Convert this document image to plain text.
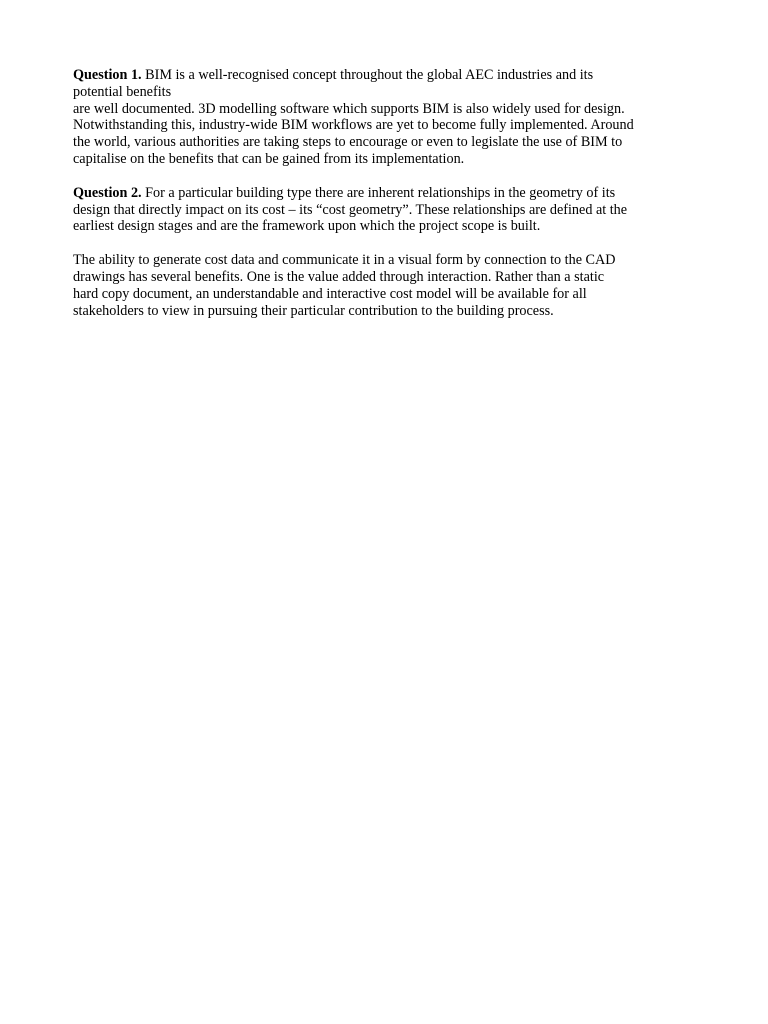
Question 1. BIM is a well-recognised concept throughout the global AEC industries and its
potential benefits
are well documented. 3D modelling software which supports BIM is also widely used for design.
Notwithstanding this, industry-wide BIM workflows are yet to become fully implemented. Around
the world, various authorities are taking steps to encourage or even to legislate the use of BIM to
capitalise on the benefits that can be gained from its implementation.

Question 2. For a particular building type there are inherent relationships in the geometry of its
design that directly impact on its cost – its “cost geometry”. These relationships are defined at the
earliest design stages and are the framework upon which the project scope is built.

The ability to generate cost data and communicate it in a visual form by connection to the CAD
drawings has several benefits. One is the value added through interaction. Rather than a static
hard copy document, an understandable and interactive cost model will be available for all
stakeholders to view in pursuing their particular contribution to the building process.
